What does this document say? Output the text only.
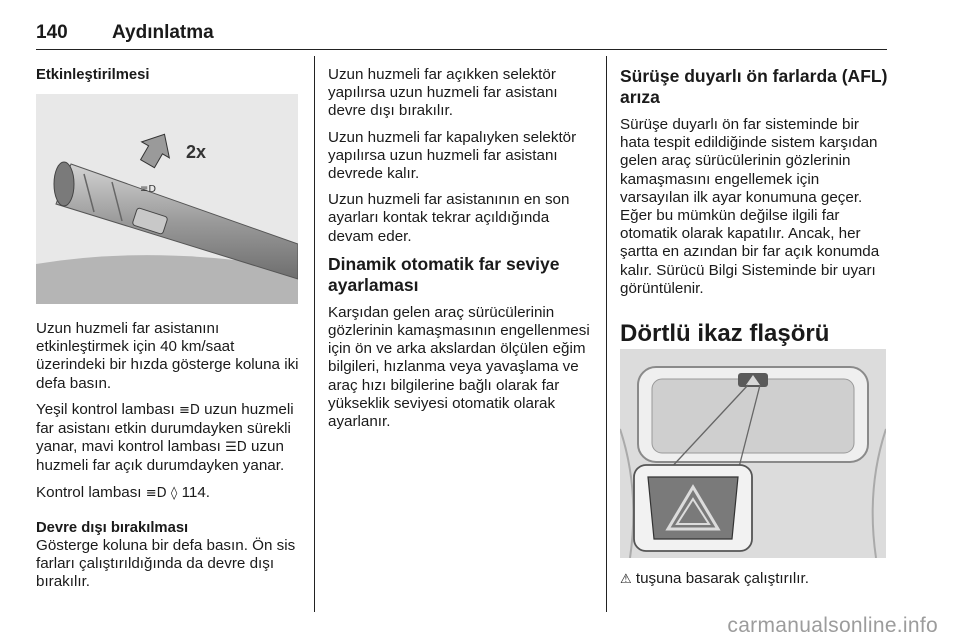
140 Aydınlatma
Etkinleştirilmesi
≡D
2x

Uzun huzmeli far asistanını etkinleştirmek için 40 km/saat üzerindeki bir hızda gösterge koluna iki defa basın.

Yeşil kontrol lambası ≡D uzun huzmeli far asistanı etkin durumdayken sürekli yanar, mavi kontrol lambası ☰D uzun huzmeli far açık durumdayken yanar.

Kontrol lambası ≡D ◊ 114.

Devre dışı bırakılması

Gösterge koluna bir defa basın. Ön sis farları çalıştırıldığında da devre dışı bırakılır.

Uzun huzmeli far açıkken selektör yapılırsa uzun huzmeli far asistanı devre dışı bırakılır.

Uzun huzmeli far kapalıyken selektör yapılırsa uzun huzmeli far asistanı devrede kalır.

Uzun huzmeli far asistanının en son ayarları kontak tekrar açıldığında devam eder.

Dinamik otomatik far seviye ayarlaması

Karşıdan gelen araç sürücülerinin gözlerinin kamaşmasının engellenmesi için ön ve arka akslardan ölçülen eğim bilgileri, hızlanma veya yavaşlama ve araç hızı bilgilerine bağlı olarak far yükseklik seviyesi otomatik olarak ayarlanır.

Sürüşe duyarlı ön farlarda (AFL) arıza

Sürüşe duyarlı ön far sisteminde bir hata tespit edildiğinde sistem karşıdan gelen araç sürücülerinin gözlerinin kamaşmasını engellemek için varsayılan ilk ayar konumuna geçer. Eğer bu mümkün değilse ilgili far otomatik olarak kapatılır. Ancak, her şartta en azından bir far açık konumda kalır. Sürücü Bilgi Sisteminde bir uyarı görüntülenir.

Dörtlü ikaz flaşörü
⚠ tuşuna basarak çalıştırılır.
carmanualsonline.info
